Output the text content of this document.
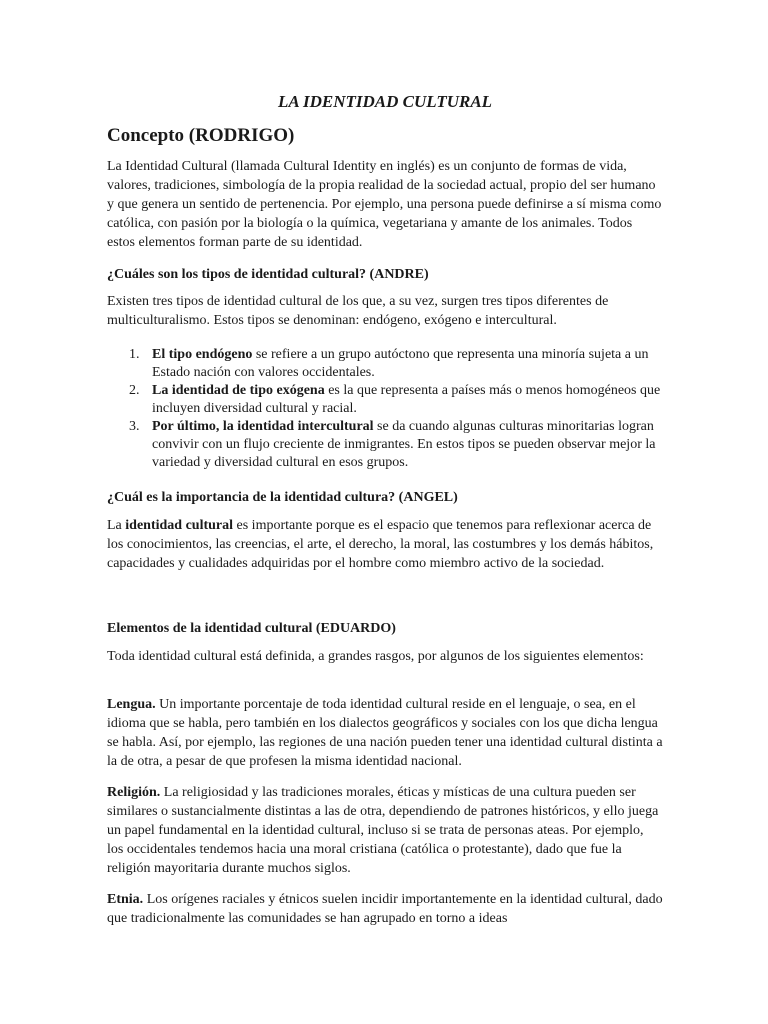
LA IDENTIDAD CULTURAL
Concepto (RODRIGO)

La Identidad Cultural (llamada Cultural Identity en inglés) es un conjunto de formas de vida, valores, tradiciones, simbología de la propia realidad de la sociedad actual, propio del ser humano y que genera un sentido de pertenencia. Por ejemplo, una persona puede definirse a sí misma como católica, con pasión por la biología o la química, vegetariana y amante de los animales. Todos estos elementos forman parte de su identidad.

¿Cuáles son los tipos de identidad cultural? (ANDRE)

Existen tres tipos de identidad cultural de los que, a su vez, surgen tres tipos diferentes de multiculturalismo. Estos tipos se denominan: endógeno, exógeno e intercultural.

1. El tipo endógeno se refiere a un grupo autóctono que representa una minoría sujeta a un Estado nación con valores occidentales.
2. La identidad de tipo exógena es la que representa a países más o menos homogéneos que incluyen diversidad cultural y racial.
3. Por último, la identidad intercultural se da cuando algunas culturas minoritarias logran convivir con un flujo creciente de inmigrantes. En estos tipos se pueden observar mejor la variedad y diversidad cultural en esos grupos.

¿Cuál es la importancia de la identidad cultura? (ANGEL)

La identidad cultural es importante porque es el espacio que tenemos para reflexionar acerca de los conocimientos, las creencias, el arte, el derecho, la moral, las costumbres y los demás hábitos, capacidades y cualidades adquiridas por el hombre como miembro activo de la sociedad.

Elementos de la identidad cultural (EDUARDO)

Toda identidad cultural está definida, a grandes rasgos, por algunos de los siguientes elementos:

Lengua. Un importante porcentaje de toda identidad cultural reside en el lenguaje, o sea, en el idioma que se habla, pero también en los dialectos geográficos y sociales con los que dicha lengua se habla. Así, por ejemplo, las regiones de una nación pueden tener una identidad cultural distinta a la de otra, a pesar de que profesen la misma identidad nacional.

Religión. La religiosidad y las tradiciones morales, éticas y místicas de una cultura pueden ser similares o sustancialmente distintas a las de otra, dependiendo de patrones históricos, y ello juega un papel fundamental en la identidad cultural, incluso si se trata de personas ateas. Por ejemplo, los occidentales tendemos hacia una moral cristiana (católica o protestante), dado que fue la religión mayoritaria durante muchos siglos.

Etnia. Los orígenes raciales y étnicos suelen incidir importantemente en la identidad cultural, dado que tradicionalmente las comunidades se han agrupado en torno a ideas
